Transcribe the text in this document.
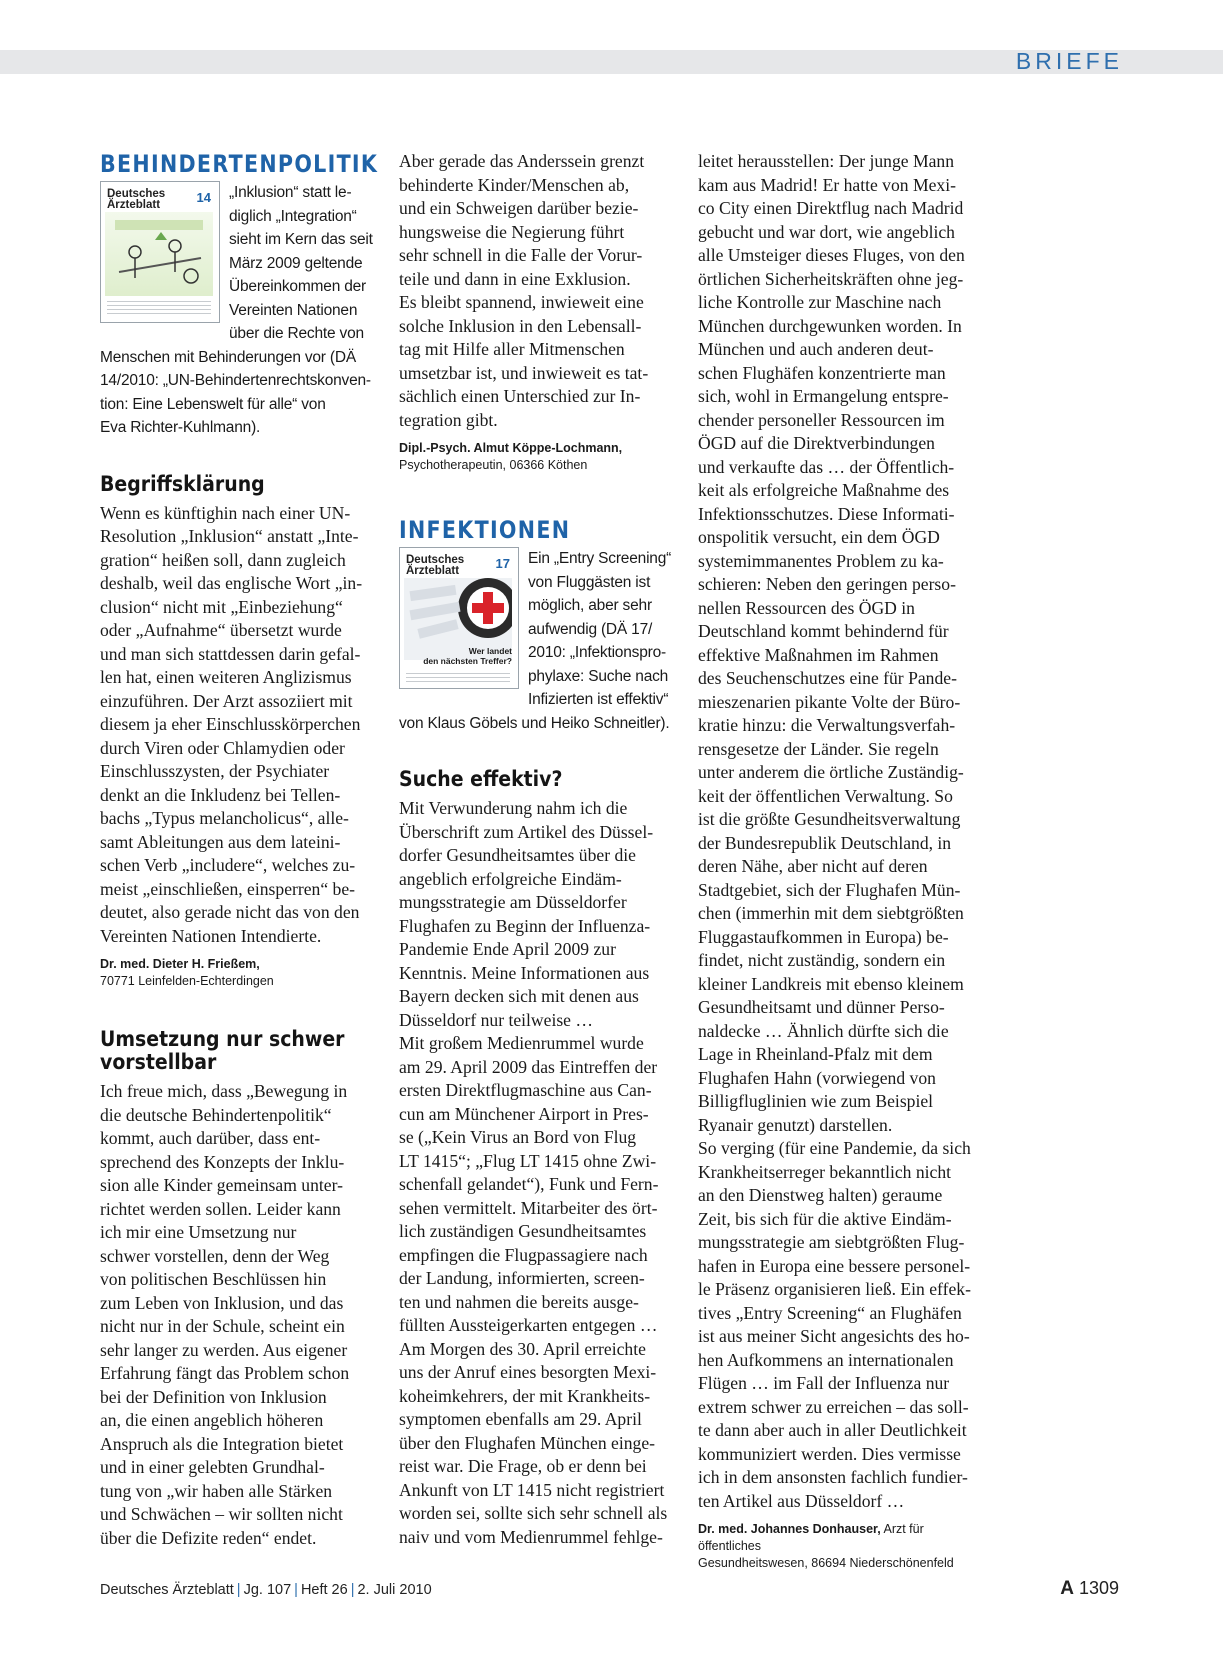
BRIEFE
BEHINDERTENPOLITIK
Deutsches
Ärzteblatt	14	„Inklusion“ statt le-
diglich „Integration“
sieht im Kern das seit
März 2009 geltende
Übereinkommen der
Vereinten Nationen
über die Rechte von
Menschen mit Behinderungen vor (DÄ
14/2010: „UN-Behindertenrechtskonven-
tion: Eine Lebenswelt für alle“ von
Eva Richter-Kuhlmann).

Begriffsklärung

Wenn es künftighin nach einer UN-
Resolution „Inklusion“ anstatt „Inte-
gration“ heißen soll, dann zugleich
deshalb, weil das englische Wort „in-
clusion“ nicht mit „Einbeziehung“
oder „Aufnahme“ übersetzt wurde
und man sich stattdessen darin gefal-
len hat, einen weiteren Anglizismus
einzuführen. Der Arzt assoziiert mit
diesem ja eher Einschlusskörperchen
durch Viren oder Chlamydien oder
Einschlusszysten, der Psychiater
denkt an die Inkludenz bei Tellen-
bachs „Typus melancholicus“, alle-
samt Ableitungen aus dem lateini-
schen Verb „includere“, welches zu-
meist „einschließen, einsperren“ be-
deutet, also gerade nicht das von den
Vereinten Nationen Intendierte.

Dr. med. Dieter H. Frießem,
70771 Leinfelden-Echterdingen

Umsetzung nur schwer
vorstellbar

Ich freue mich, dass „Bewegung in
die deutsche Behindertenpolitik“
kommt, auch darüber, dass ent-
sprechend des Konzepts der Inklu-
sion alle Kinder gemeinsam unter-
richtet werden sollen. Leider kann
ich mir eine Umsetzung nur
schwer vorstellen, denn der Weg
von politischen Beschlüssen hin
zum Leben von Inklusion, und das
nicht nur in der Schule, scheint ein
sehr langer zu werden. Aus eigener
Erfahrung fängt das Problem schon
bei der Definition von Inklusion
an, die einen angeblich höheren
Anspruch als die Integration bietet
und in einer gelebten Grundhal-
tung von „wir haben alle Stärken
und Schwächen – wir sollten nicht
über die Defizite reden“ endet.

Aber gerade das Anderssein grenzt
behinderte Kinder/Menschen ab,
und ein Schweigen darüber bezie-
hungsweise die Negierung führt
sehr schnell in die Falle der Vorur-
teile und dann in eine Exklusion.
Es bleibt spannend, inwieweit eine
solche Inklusion in den Lebensall-
tag mit Hilfe aller Mitmenschen
umsetzbar ist, und inwieweit es tat-
sächlich einen Unterschied zur In-
tegration gibt.

Dipl.-Psych. Almut Köppe-Lochmann,
Psychotherapeutin, 06366 Köthen

INFEKTIONEN
Deutsches
Ärzteblatt	17
Wer landet
den nächsten Treffer?

Ein „Entry Screening“
von Fluggästen ist
möglich, aber sehr
aufwendig (DÄ 17/
2010: „Infektionspro-
phylaxe: Suche nach
Infizierten ist effektiv“
von Klaus Göbels und Heiko Schneitler).

Suche effektiv?

Mit Verwunderung nahm ich die
Überschrift zum Artikel des Düssel-
dorfer Gesundheitsamtes über die
angeblich erfolgreiche Eindäm-
mungsstrategie am Düsseldorfer
Flughafen zu Beginn der Influenza-
Pandemie Ende April 2009 zur
Kenntnis. Meine Informationen aus
Bayern decken sich mit denen aus
Düsseldorf nur teilweise …
Mit großem Medienrummel wurde
am 29. April 2009 das Eintreffen der
ersten Direktflugmaschine aus Can-
cun am Münchener Airport in Pres-
se („Kein Virus an Bord von Flug
LT 1415“; „Flug LT 1415 ohne Zwi-
schenfall gelandet“), Funk und Fern-
sehen vermittelt. Mitarbeiter des ört-
lich zuständigen Gesundheitsamtes
empfingen die Flugpassagiere nach
der Landung, informierten, screen-
ten und nahmen die bereits ausge-
füllten Aussteigerkarten entgegen …
Am Morgen des 30. April erreichte
uns der Anruf eines besorgten Mexi-
koheimkehrers, der mit Krankheits-
symptomen ebenfalls am 29. April
über den Flughafen München einge-
reist war. Die Frage, ob er denn bei
Ankunft von LT 1415 nicht registriert
worden sei, sollte sich sehr schnell als
naiv und vom Medienrummel fehlge-

leitet herausstellen: Der junge Mann
kam aus Madrid! Er hatte von Mexi-
co City einen Direktflug nach Madrid
gebucht und war dort, wie angeblich
alle Umsteiger dieses Fluges, von den
örtlichen Sicherheitskräften ohne jeg-
liche Kontrolle zur Maschine nach
München durchgewunken worden. In
München und auch anderen deut-
schen Flughäfen konzentrierte man
sich, wohl in Ermangelung entspre-
chender personeller Ressourcen im
ÖGD auf die Direktverbindungen
und verkaufte das … der Öffentlich-
keit als erfolgreiche Maßnahme des
Infektionsschutzes. Diese Informati-
onspolitik versucht, ein dem ÖGD
systemimmanentes Problem zu ka-
schieren: Neben den geringen perso-
nellen Ressourcen des ÖGD in
Deutschland kommt behindernd für
effektive Maßnahmen im Rahmen
des Seuchenschutzes eine für Pande-
mieszenarien pikante Volte der Büro-
kratie hinzu: die Verwaltungsverfah-
rensgesetze der Länder. Sie regeln
unter anderem die örtliche Zuständig-
keit der öffentlichen Verwaltung. So
ist die größte Gesundheitsverwaltung
der Bundesrepublik Deutschland, in
deren Nähe, aber nicht auf deren
Stadtgebiet, sich der Flughafen Mün-
chen (immerhin mit dem siebtgrößten
Fluggastaufkommen in Europa) be-
findet, nicht zuständig, sondern ein
kleiner Landkreis mit ebenso kleinem
Gesundheitsamt und dünner Perso-
naldecke … Ähnlich dürfte sich die
Lage in Rheinland-Pfalz mit dem
Flughafen Hahn (vorwiegend von
Billigfluglinien wie zum Beispiel
Ryanair genutzt) darstellen.
So verging (für eine Pandemie, da sich
Krankheitserreger bekanntlich nicht
an den Dienstweg halten) geraume
Zeit, bis sich für die aktive Eindäm-
mungsstrategie am siebtgrößten Flug-
hafen in Europa eine bessere personel-
le Präsenz organisieren ließ. Ein effek-
tives „Entry Screening“ an Flughäfen
ist aus meiner Sicht angesichts des ho-
hen Aufkommens an internationalen
Flügen … im Fall der Influenza nur
extrem schwer zu erreichen – das soll-
te dann aber auch in aller Deutlichkeit
kommuniziert werden. Dies vermisse
ich in dem ansonsten fachlich fundier-
ten Artikel aus Düsseldorf …

Dr. med. Johannes Donhauser, Arzt für öffentliches
Gesundheitswesen, 86694 Niederschönenfeld

Deutsches Ärzteblatt | Jg. 107 | Heft 26 | 2. Juli 2010	A 1309
